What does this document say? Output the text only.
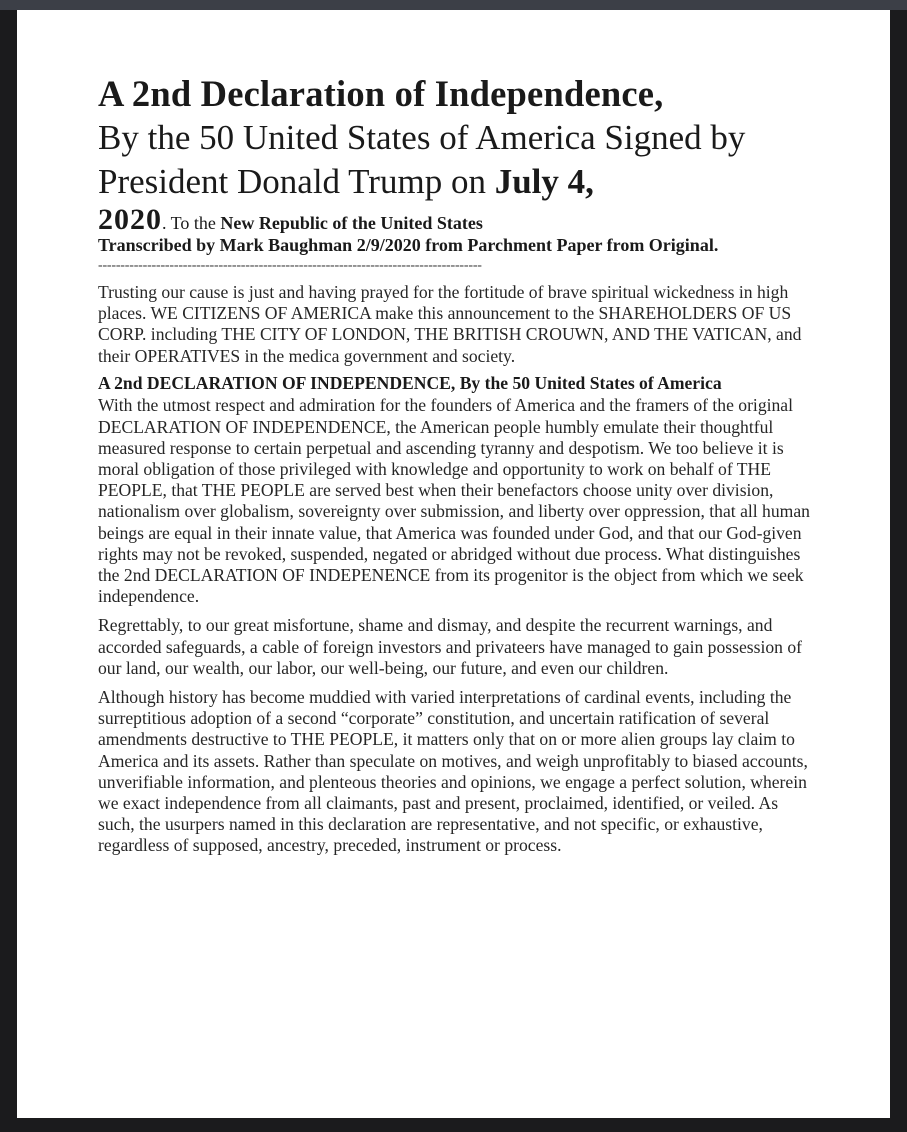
A 2nd Declaration of Independence,

By the 50 United States of America Signed by President Donald Trump on July 4,

2020. To the New Republic of the United States

Transcribed by Mark Baughman 2/9/2020 from Parchment Paper from Original.

--------------------------------------------------------------------------------------

Trusting our cause is just and having prayed for the fortitude of brave spiritual wickedness in high places. WE CITIZENS OF AMERICA make this announcement to the SHAREHOLDERS OF US CORP. including THE CITY OF LONDON, THE BRITISH CROUWN, AND THE VATICAN, and their OPERATIVES in the medica government and society.

A 2nd DECLARATION OF INDEPENDENCE, By the 50 United States of America

With the utmost respect and admiration for the founders of America and the framers of the original DECLARATION OF INDEPENDENCE, the American people humbly emulate their thoughtful measured response to certain perpetual and ascending tyranny and despotism. We too believe it is moral obligation of those privileged with knowledge and opportunity to work on behalf of THE PEOPLE, that THE PEOPLE are served best when their benefactors choose unity over division, nationalism over globalism, sovereignty over submission, and liberty over oppression, that all human beings are equal in their innate value, that America was founded under God, and that our God-given rights may not be revoked, suspended, negated or abridged without due process. What distinguishes the 2nd DECLARATION OF INDEPENENCE from its progenitor is the object from which we seek independence.

Regrettably, to our great misfortune, shame and dismay, and despite the recurrent warnings, and accorded safeguards, a cable of foreign investors and privateers have managed to gain possession of our land, our wealth, our labor, our well-being, our future, and even our children.

Although history has become muddied with varied interpretations of cardinal events, including the surreptitious adoption of a second “corporate” constitution, and uncertain ratification of several amendments destructive to THE PEOPLE, it matters only that on or more alien groups lay claim to America and its assets. Rather than speculate on motives, and weigh unprofitably to biased accounts, unverifiable information, and plenteous theories and opinions, we engage a perfect solution, wherein we exact independence from all claimants, past and present, proclaimed, identified, or veiled. As such, the usurpers named in this declaration are representative, and not specific, or exhaustive, regardless of supposed, ancestry, preceded, instrument or process.
